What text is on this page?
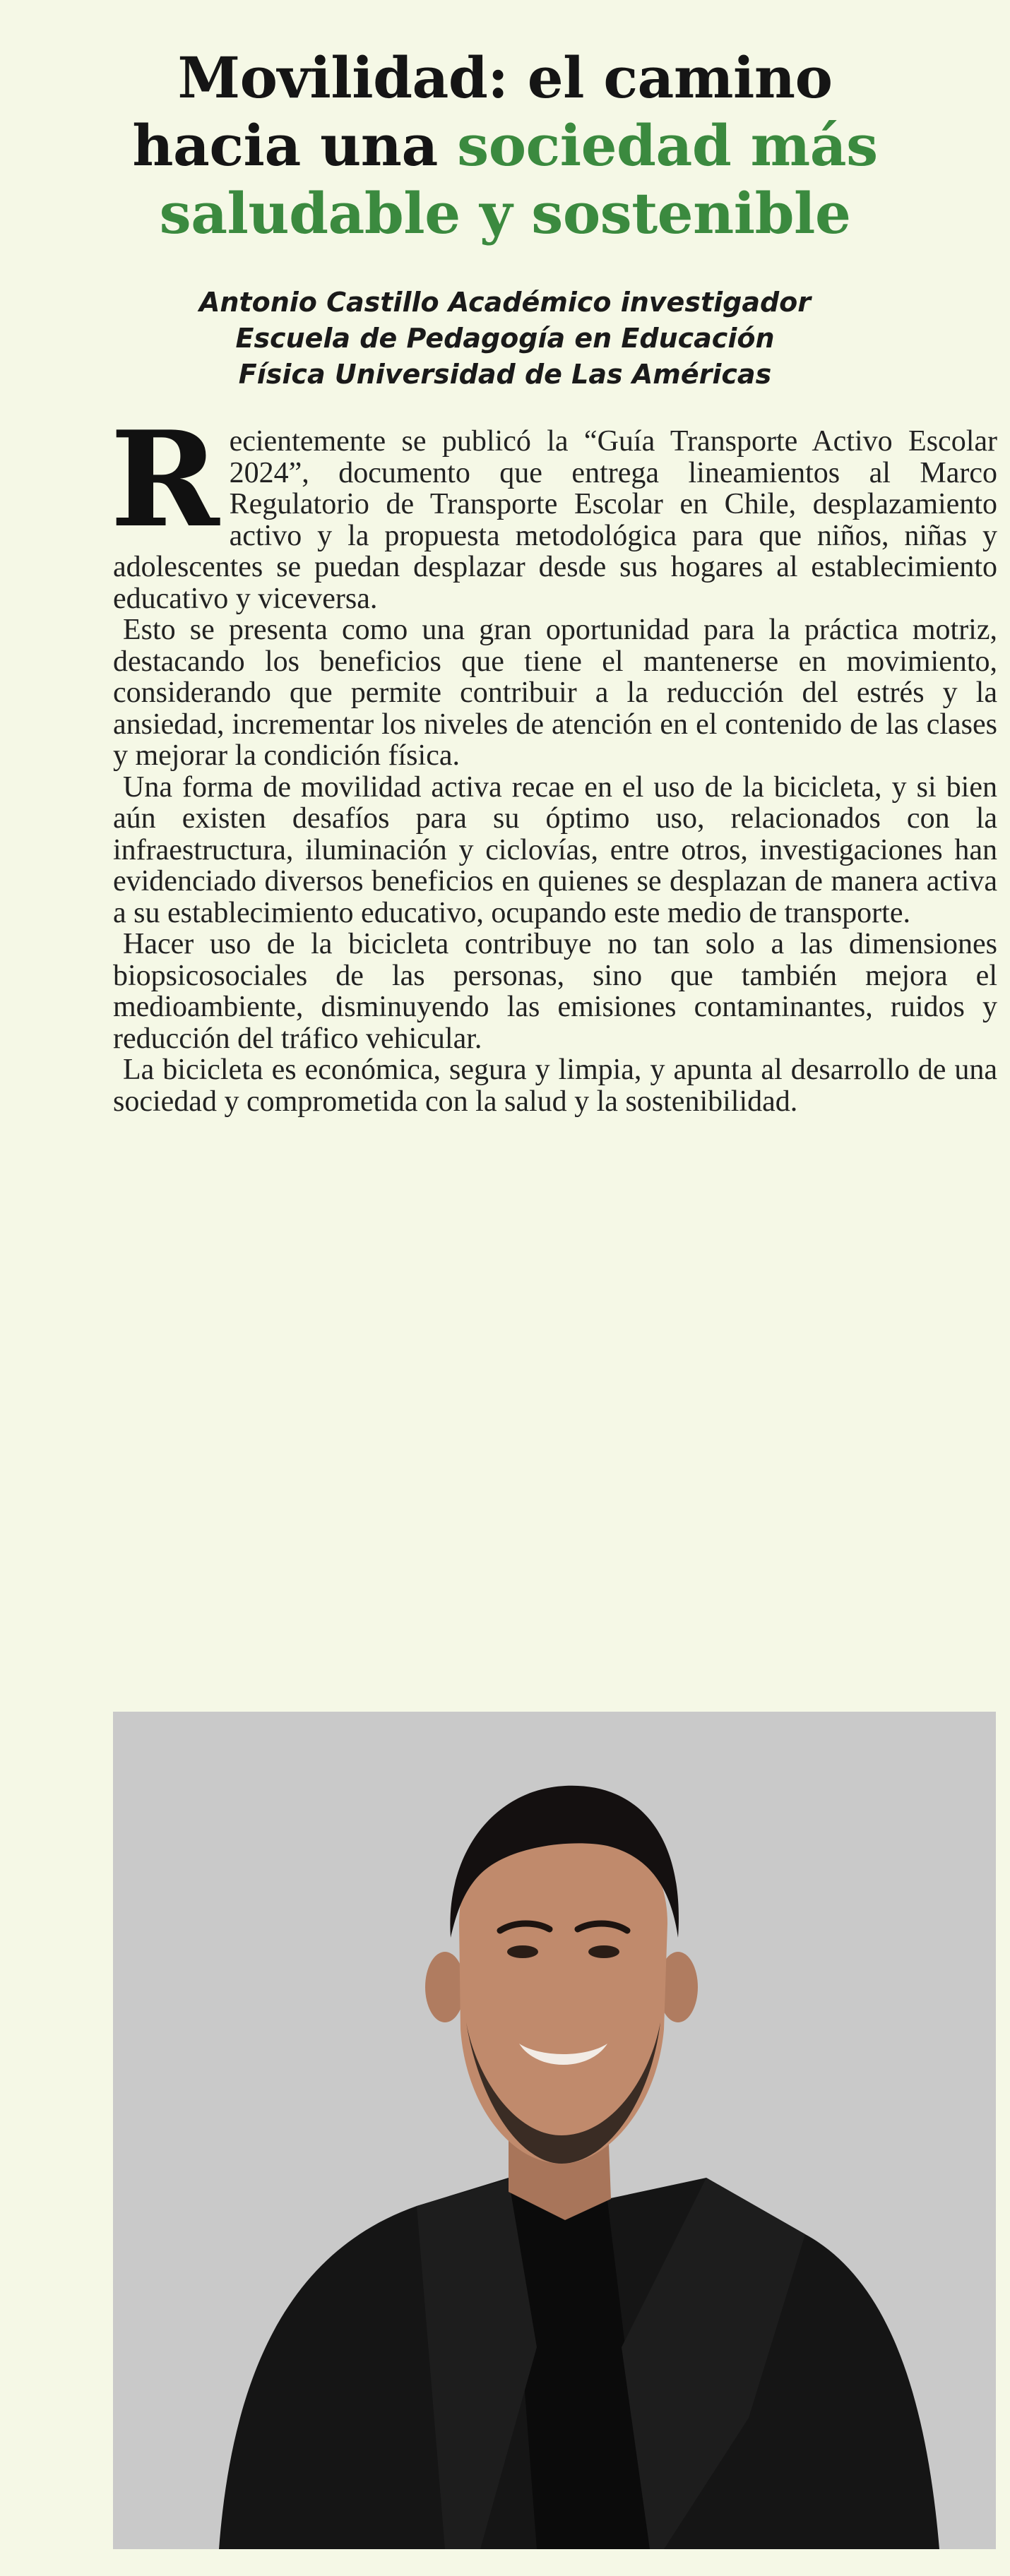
Movilidad: el camino
hacia una sociedad más
saludable y sostenible
Antonio Castillo Académico investigador
Escuela de Pedagogía en Educación
Física Universidad de Las Américas

Recientemente se publicó la “Guía Transporte Activo Escolar 2024”, documento que entrega lineamientos al Marco Regulatorio de Transporte Escolar en Chile, desplazamiento activo y la propuesta metodológica para que niños, niñas y adolescentes se puedan desplazar desde sus hogares al establecimiento educativo y viceversa.

Esto se presenta como una gran oportunidad para la práctica motriz, destacando los beneficios que tiene el mantenerse en movimiento, considerando que permite contribuir a la reducción del estrés y la ansiedad, incrementar los niveles de atención en el contenido de las clases y mejorar la condición física.

Una forma de movilidad activa recae en el uso de la bicicleta, y si bien aún existen desafíos para su óptimo uso, relacionados con la infraestructura, iluminación y ciclovías, entre otros, investigaciones han evidenciado diversos beneficios en quienes se desplazan de manera activa a su establecimiento educativo, ocupando este medio de transporte.

Hacer uso de la bicicleta contribuye no tan solo a las dimensiones biopsicosociales de las personas, sino que también mejora el medioambiente, disminuyendo las emisiones contaminantes, ruidos y reducción del tráfico vehicular.

La bicicleta es económica, segura y limpia, y apunta al desarrollo de una sociedad y comprometida con la salud y la sostenibilidad.
